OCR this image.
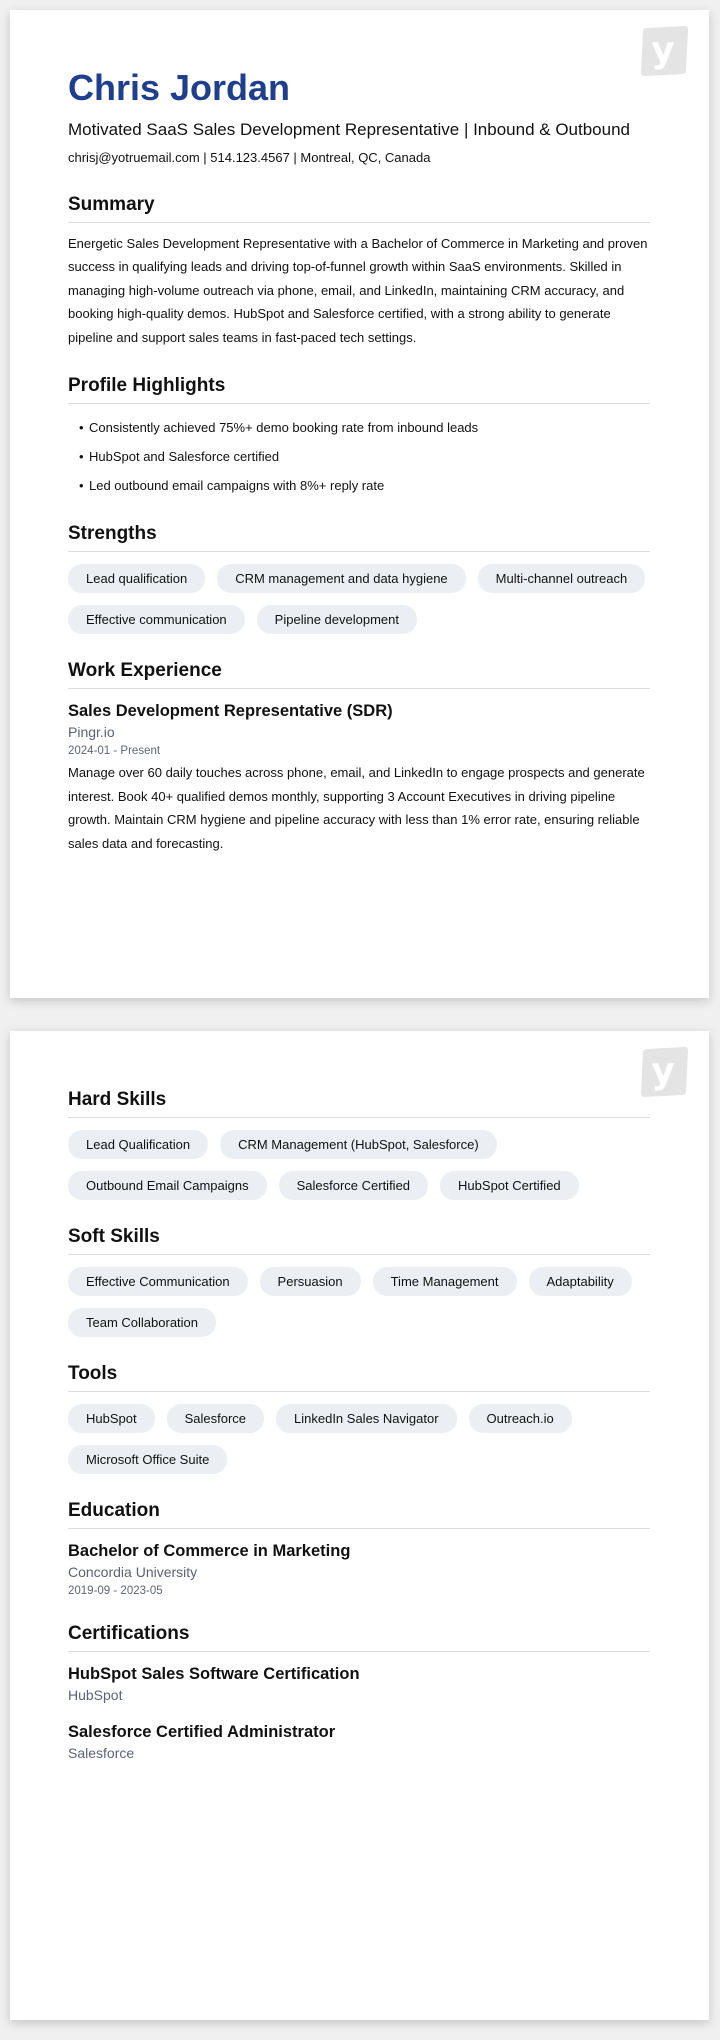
y
Chris Jordan
Motivated SaaS Sales Development Representative | Inbound & Outbound
chrisj@yotruemail.com | 514.123.4567 | Montreal, QC, Canada
Summary
Energetic Sales Development Representative with a Bachelor of Commerce in Marketing and proven success in qualifying leads and driving top-of-funnel growth within SaaS environments. Skilled in managing high-volume outreach via phone, email, and LinkedIn, maintaining CRM accuracy, and booking high-quality demos. HubSpot and Salesforce certified, with a strong ability to generate pipeline and support sales teams in fast-paced tech settings.
Profile Highlights
• Consistently achieved 75%+ demo booking rate from inbound leads
• HubSpot and Salesforce certified
• Led outbound email campaigns with 8%+ reply rate
Strengths
Lead qualification	CRM management and data hygiene	Multi-channel outreach
Effective communication	Pipeline development
Work Experience
Sales Development Representative (SDR)
Pingr.io
2024-01 - Present
Manage over 60 daily touches across phone, email, and LinkedIn to engage prospects and generate interest. Book 40+ qualified demos monthly, supporting 3 Account Executives in driving pipeline growth. Maintain CRM hygiene and pipeline accuracy with less than 1% error rate, ensuring reliable sales data and forecasting.
y
Hard Skills
Lead Qualification	CRM Management (HubSpot, Salesforce)
Outbound Email Campaigns	Salesforce Certified	HubSpot Certified
Soft Skills
Effective Communication	Persuasion	Time Management	Adaptability
Team Collaboration
Tools
HubSpot	Salesforce	LinkedIn Sales Navigator	Outreach.io
Microsoft Office Suite
Education
Bachelor of Commerce in Marketing
Concordia University
2019-09 - 2023-05
Certifications
HubSpot Sales Software Certification
HubSpot
Salesforce Certified Administrator
Salesforce
